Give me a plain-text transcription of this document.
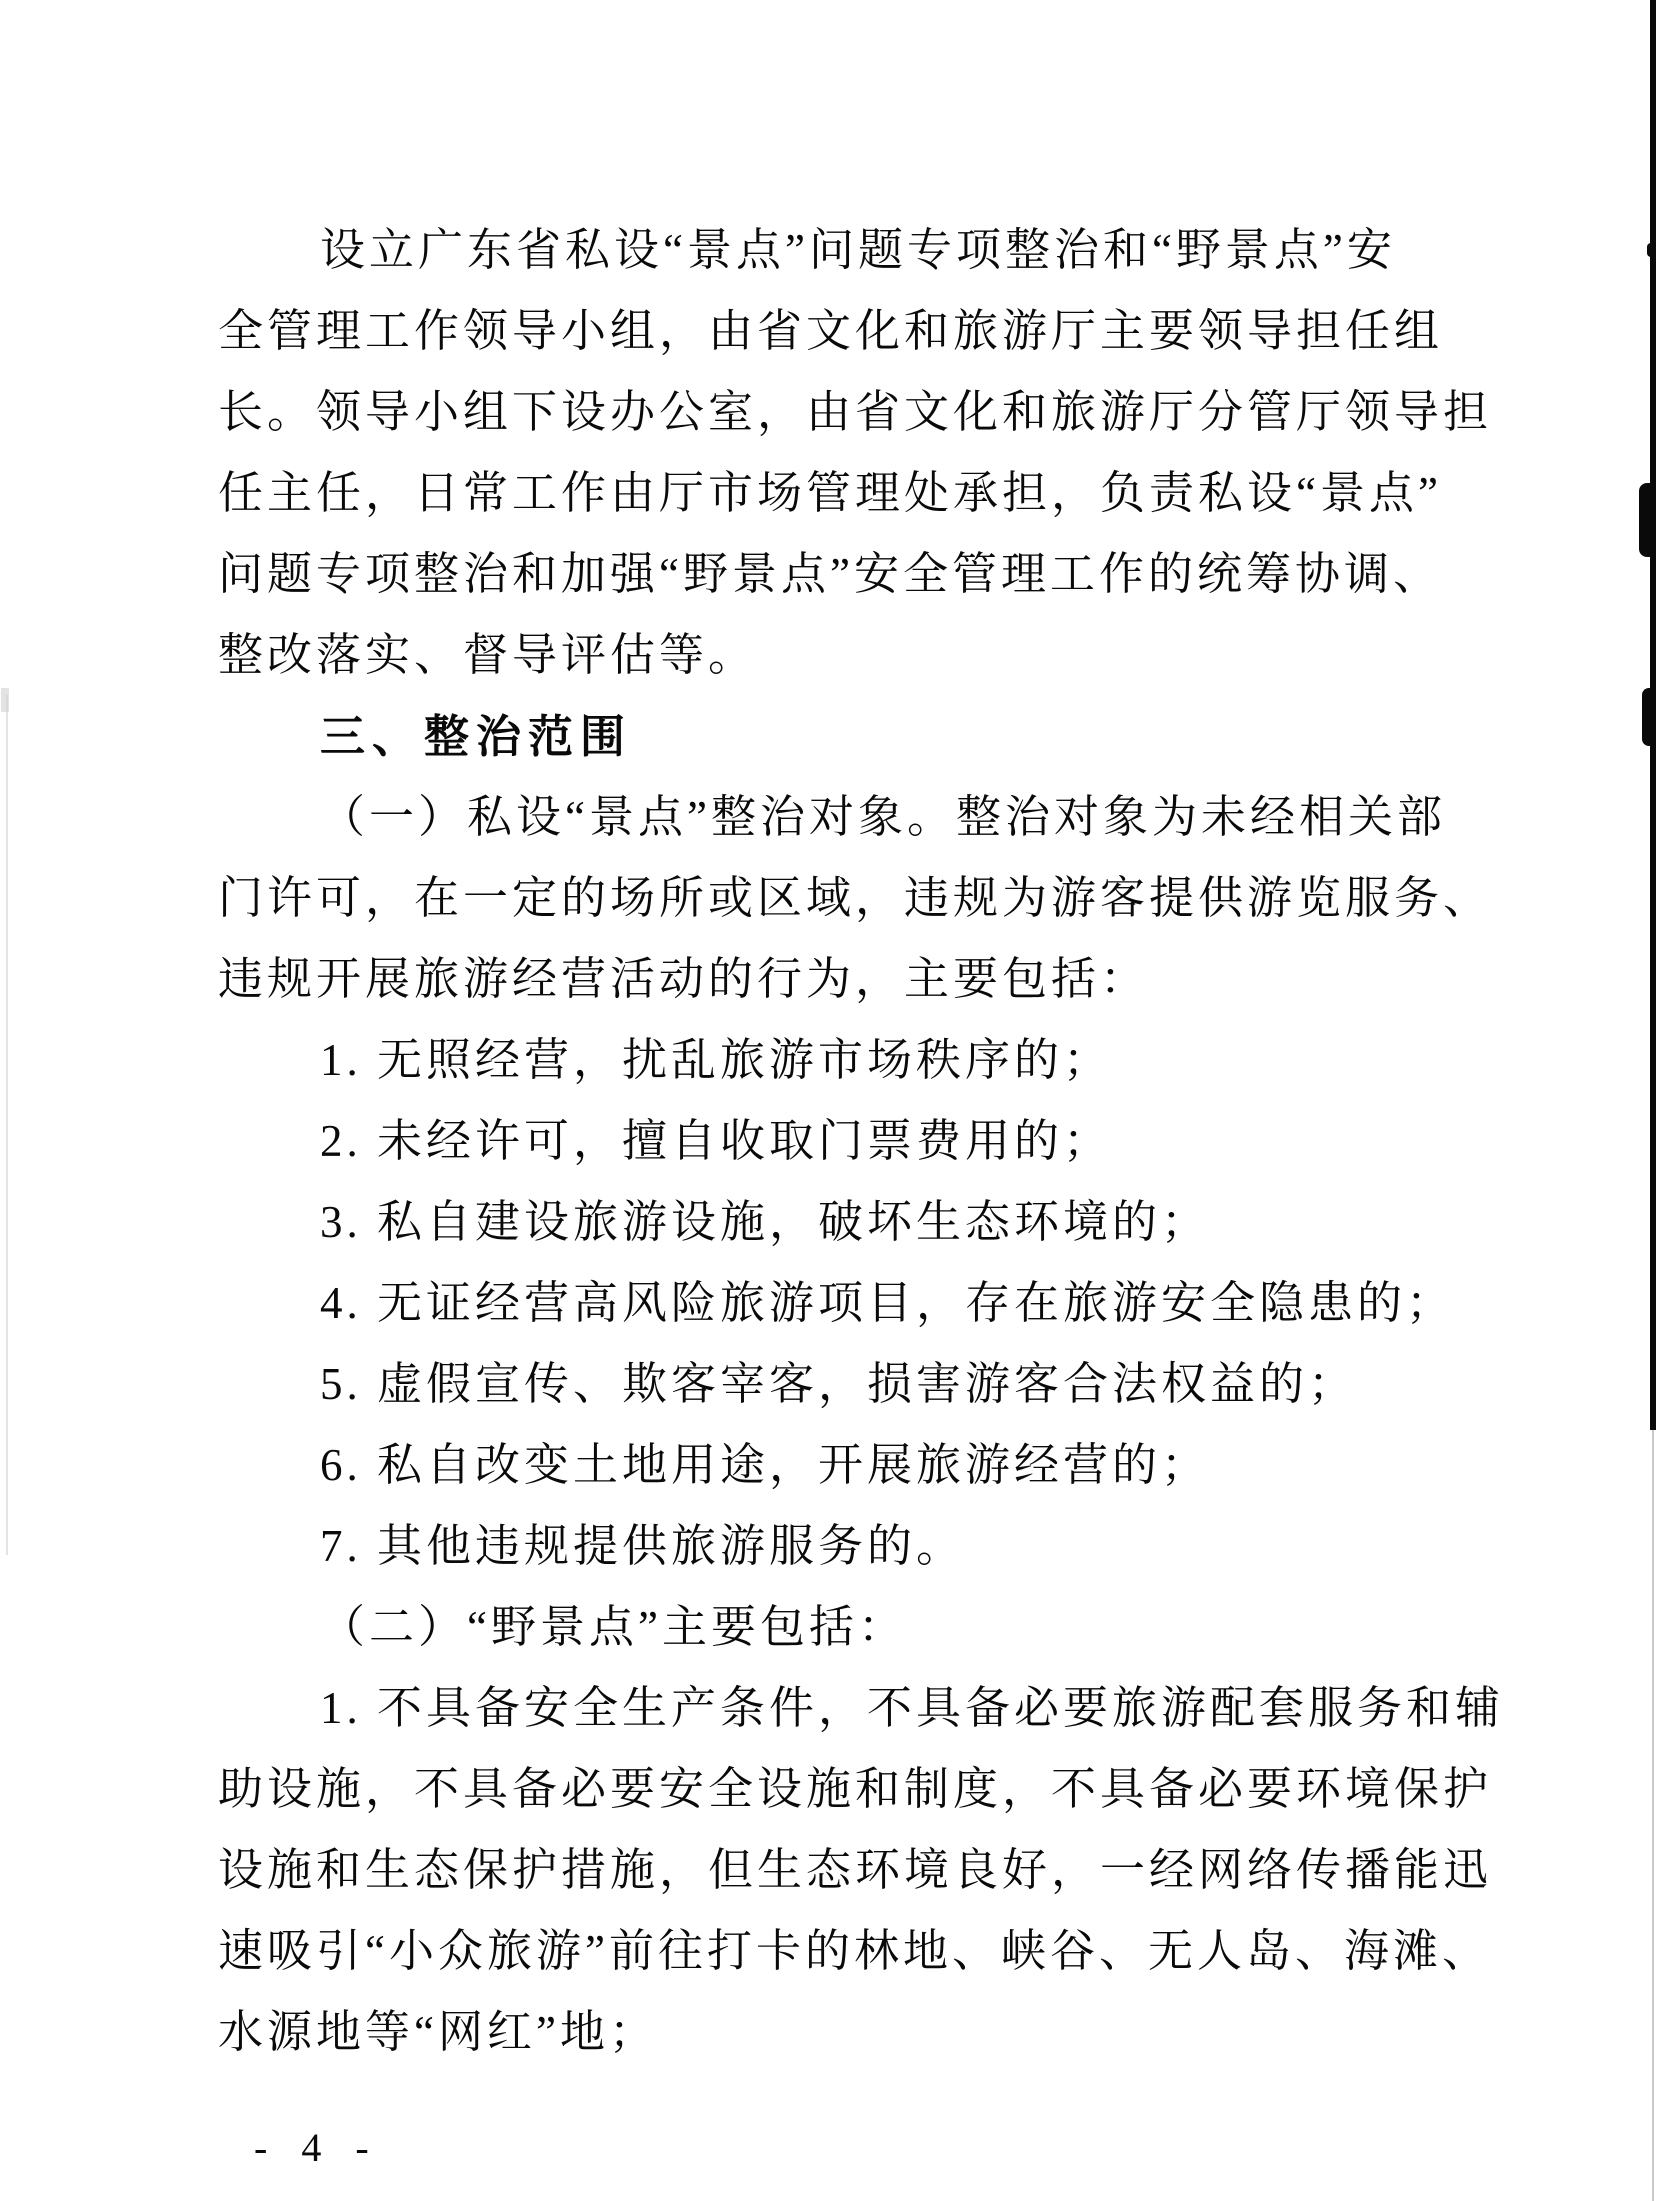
设立广东省私设“景点”问题专项整治和“野景点”安
全管理工作领导小组，由省文化和旅游厅主要领导担任组
长。领导小组下设办公室，由省文化和旅游厅分管厅领导担
任主任，日常工作由厅市场管理处承担，负责私设“景点”
问题专项整治和加强“野景点”安全管理工作的统筹协调、
整改落实、督导评估等。
三、整治范围
（一）私设“景点”整治对象。整治对象为未经相关部
门许可，在一定的场所或区域，违规为游客提供游览服务、
违规开展旅游经营活动的行为，主要包括：
1. 无照经营，扰乱旅游市场秩序的；
2. 未经许可，擅自收取门票费用的；
3. 私自建设旅游设施，破坏生态环境的；
4. 无证经营高风险旅游项目，存在旅游安全隐患的；
5. 虚假宣传、欺客宰客，损害游客合法权益的；
6. 私自改变土地用途，开展旅游经营的；
7. 其他违规提供旅游服务的。
（二）“野景点”主要包括：
1. 不具备安全生产条件，不具备必要旅游配套服务和辅
助设施，不具备必要安全设施和制度，不具备必要环境保护
设施和生态保护措施，但生态环境良好，一经网络传播能迅
速吸引“小众旅游”前往打卡的林地、峡谷、无人岛、海滩、
水源地等“网红”地；
- 4 -
